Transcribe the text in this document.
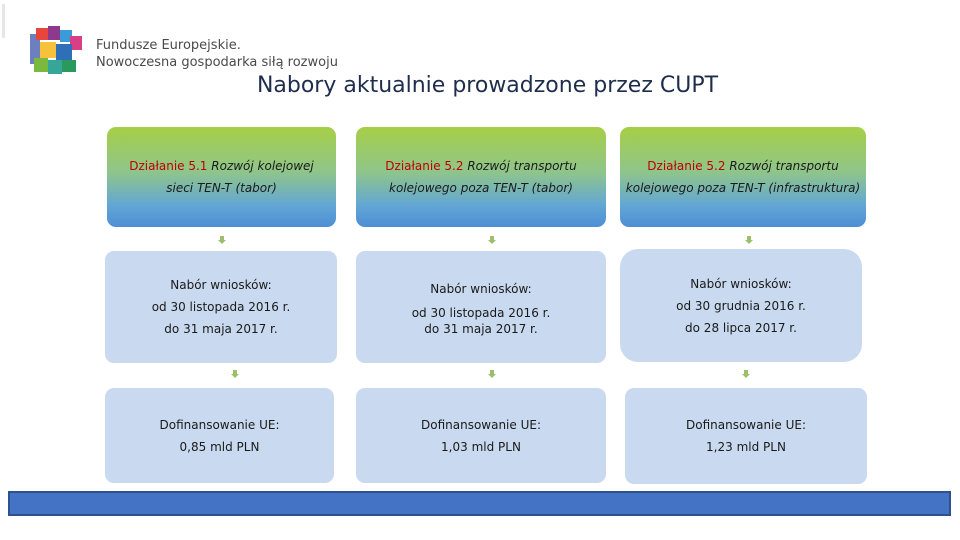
Fundusze Europejskie.
Nowoczesna gospodarka siłą rozwoju
Nabory aktualnie prowadzone przez CUPT
Działanie 5.1 Rozwój kolejowej
sieci TEN-T (tabor)
Nabór wniosków:
od 30 listopada 2016 r.
do 31 maja 2017 r.
Dofinansowanie UE:
0,85 mld PLN
Działanie 5.2 Rozwój transportu
kolejowego poza TEN-T (tabor)
Nabór wniosków:
od 30 listopada 2016 r.
do 31 maja 2017 r.
Dofinansowanie UE:
1,03 mld PLN
Działanie 5.2 Rozwój transportu
kolejowego poza TEN-T (infrastruktura)
Nabór wniosków:
od 30 grudnia 2016 r.
do 28 lipca 2017 r.
Dofinansowanie UE:
1,23 mld PLN
